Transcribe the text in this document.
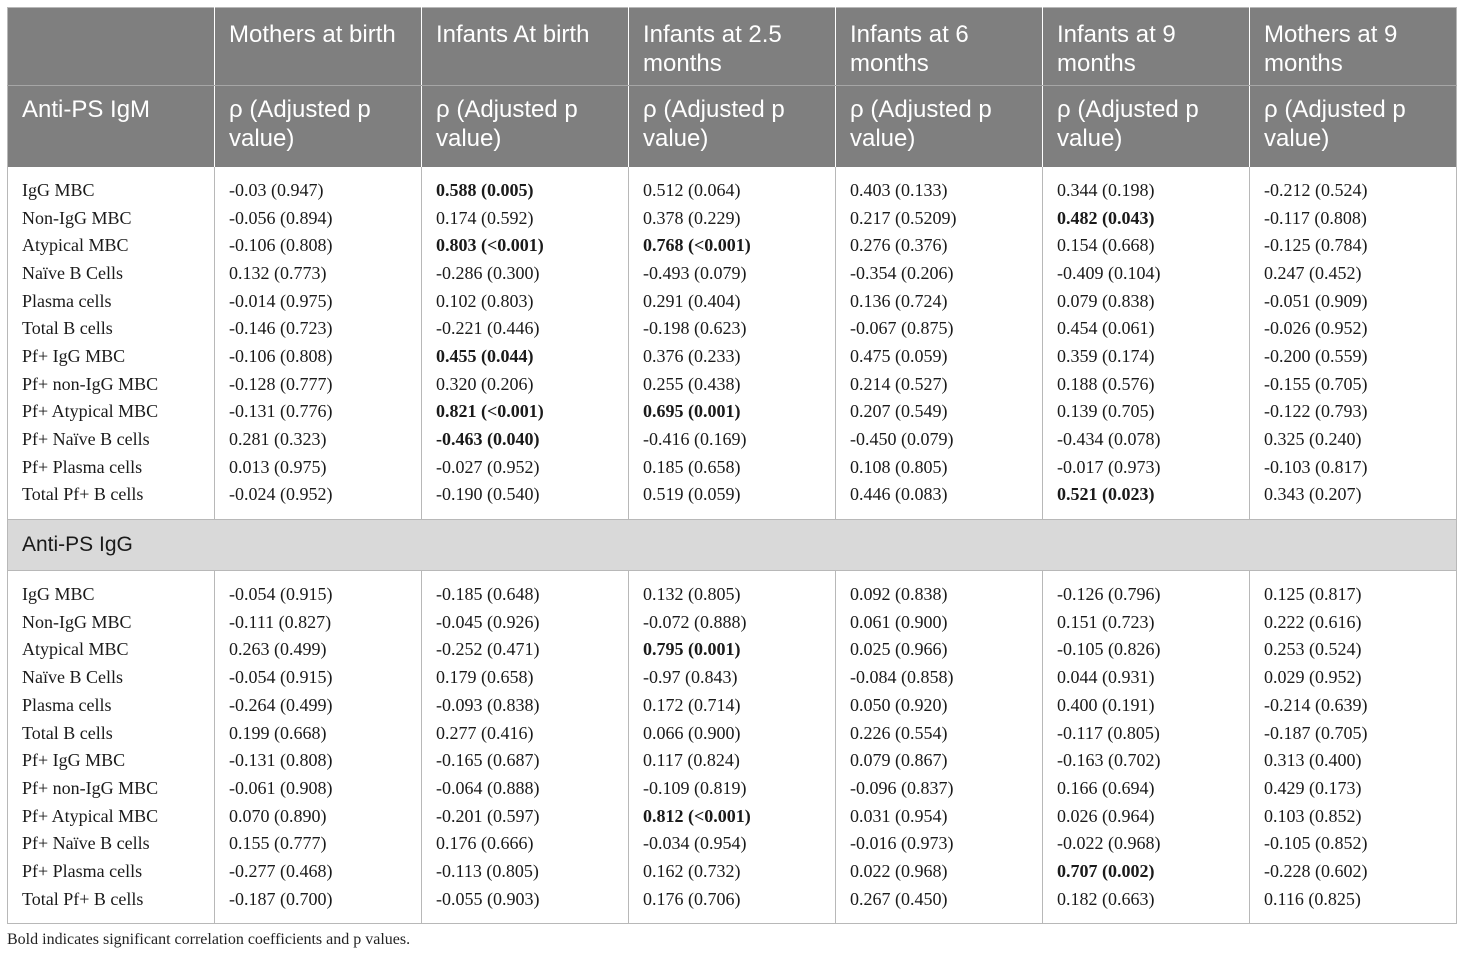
	Mothers at birth	Infants At birth	Infants at 2.5 months	Infants at 6 months	Infants at 9 months	Mothers at 9 months
Anti-PS IgM	ρ (Adjusted p value)	ρ (Adjusted p value)	ρ (Adjusted p value)	ρ (Adjusted p value)	ρ (Adjusted p value)	ρ (Adjusted p value)
IgG MBC	-0.03 (0.947)	0.588 (0.005)	0.512 (0.064)	0.403 (0.133)	0.344 (0.198)	-0.212 (0.524)
Non-IgG MBC	-0.056 (0.894)	0.174 (0.592)	0.378 (0.229)	0.217 (0.5209)	0.482 (0.043)	-0.117 (0.808)
Atypical MBC	-0.106 (0.808)	0.803 (<0.001)	0.768 (<0.001)	0.276 (0.376)	0.154 (0.668)	-0.125 (0.784)
Naïve B Cells	0.132 (0.773)	-0.286 (0.300)	-0.493 (0.079)	-0.354 (0.206)	-0.409 (0.104)	0.247 (0.452)
Plasma cells	-0.014 (0.975)	0.102 (0.803)	0.291 (0.404)	0.136 (0.724)	0.079 (0.838)	-0.051 (0.909)
Total B cells	-0.146 (0.723)	-0.221 (0.446)	-0.198 (0.623)	-0.067 (0.875)	0.454 (0.061)	-0.026 (0.952)
Pf+ IgG MBC	-0.106 (0.808)	0.455 (0.044)	0.376 (0.233)	0.475 (0.059)	0.359 (0.174)	-0.200 (0.559)
Pf+ non-IgG MBC	-0.128 (0.777)	0.320 (0.206)	0.255 (0.438)	0.214 (0.527)	0.188 (0.576)	-0.155 (0.705)
Pf+ Atypical MBC	-0.131 (0.776)	0.821 (<0.001)	0.695 (0.001)	0.207 (0.549)	0.139 (0.705)	-0.122 (0.793)
Pf+ Naïve B cells	0.281 (0.323)	-0.463 (0.040)	-0.416 (0.169)	-0.450 (0.079)	-0.434 (0.078)	0.325 (0.240)
Pf+ Plasma cells	0.013 (0.975)	-0.027 (0.952)	0.185 (0.658)	0.108 (0.805)	-0.017 (0.973)	-0.103 (0.817)
Total Pf+ B cells	-0.024 (0.952)	-0.190 (0.540)	0.519 (0.059)	0.446 (0.083)	0.521 (0.023)	0.343 (0.207)
Anti-PS IgG						
IgG MBC	-0.054 (0.915)	-0.185 (0.648)	0.132 (0.805)	0.092 (0.838)	-0.126 (0.796)	0.125 (0.817)
Non-IgG MBC	-0.111 (0.827)	-0.045 (0.926)	-0.072 (0.888)	0.061 (0.900)	0.151 (0.723)	0.222 (0.616)
Atypical MBC	0.263 (0.499)	-0.252 (0.471)	0.795 (0.001)	0.025 (0.966)	-0.105 (0.826)	0.253 (0.524)
Naïve B Cells	-0.054 (0.915)	0.179 (0.658)	-0.97 (0.843)	-0.084 (0.858)	0.044 (0.931)	0.029 (0.952)
Plasma cells	-0.264 (0.499)	-0.093 (0.838)	0.172 (0.714)	0.050 (0.920)	0.400 (0.191)	-0.214 (0.639)
Total B cells	0.199 (0.668)	0.277 (0.416)	0.066 (0.900)	0.226 (0.554)	-0.117 (0.805)	-0.187 (0.705)
Pf+ IgG MBC	-0.131 (0.808)	-0.165 (0.687)	0.117 (0.824)	0.079 (0.867)	-0.163 (0.702)	0.313 (0.400)
Pf+ non-IgG MBC	-0.061 (0.908)	-0.064 (0.888)	-0.109 (0.819)	-0.096 (0.837)	0.166 (0.694)	0.429 (0.173)
Pf+ Atypical MBC	0.070 (0.890)	-0.201 (0.597)	0.812 (<0.001)	0.031 (0.954)	0.026 (0.964)	0.103 (0.852)
Pf+ Naïve B cells	0.155 (0.777)	0.176 (0.666)	-0.034 (0.954)	-0.016 (0.973)	-0.022 (0.968)	-0.105 (0.852)
Pf+ Plasma cells	-0.277 (0.468)	-0.113 (0.805)	0.162 (0.732)	0.022 (0.968)	0.707 (0.002)	-0.228 (0.602)
Total Pf+ B cells	-0.187 (0.700)	-0.055 (0.903)	0.176 (0.706)	0.267 (0.450)	0.182 (0.663)	0.116 (0.825)
Bold indicates significant correlation coefficients and p values.
